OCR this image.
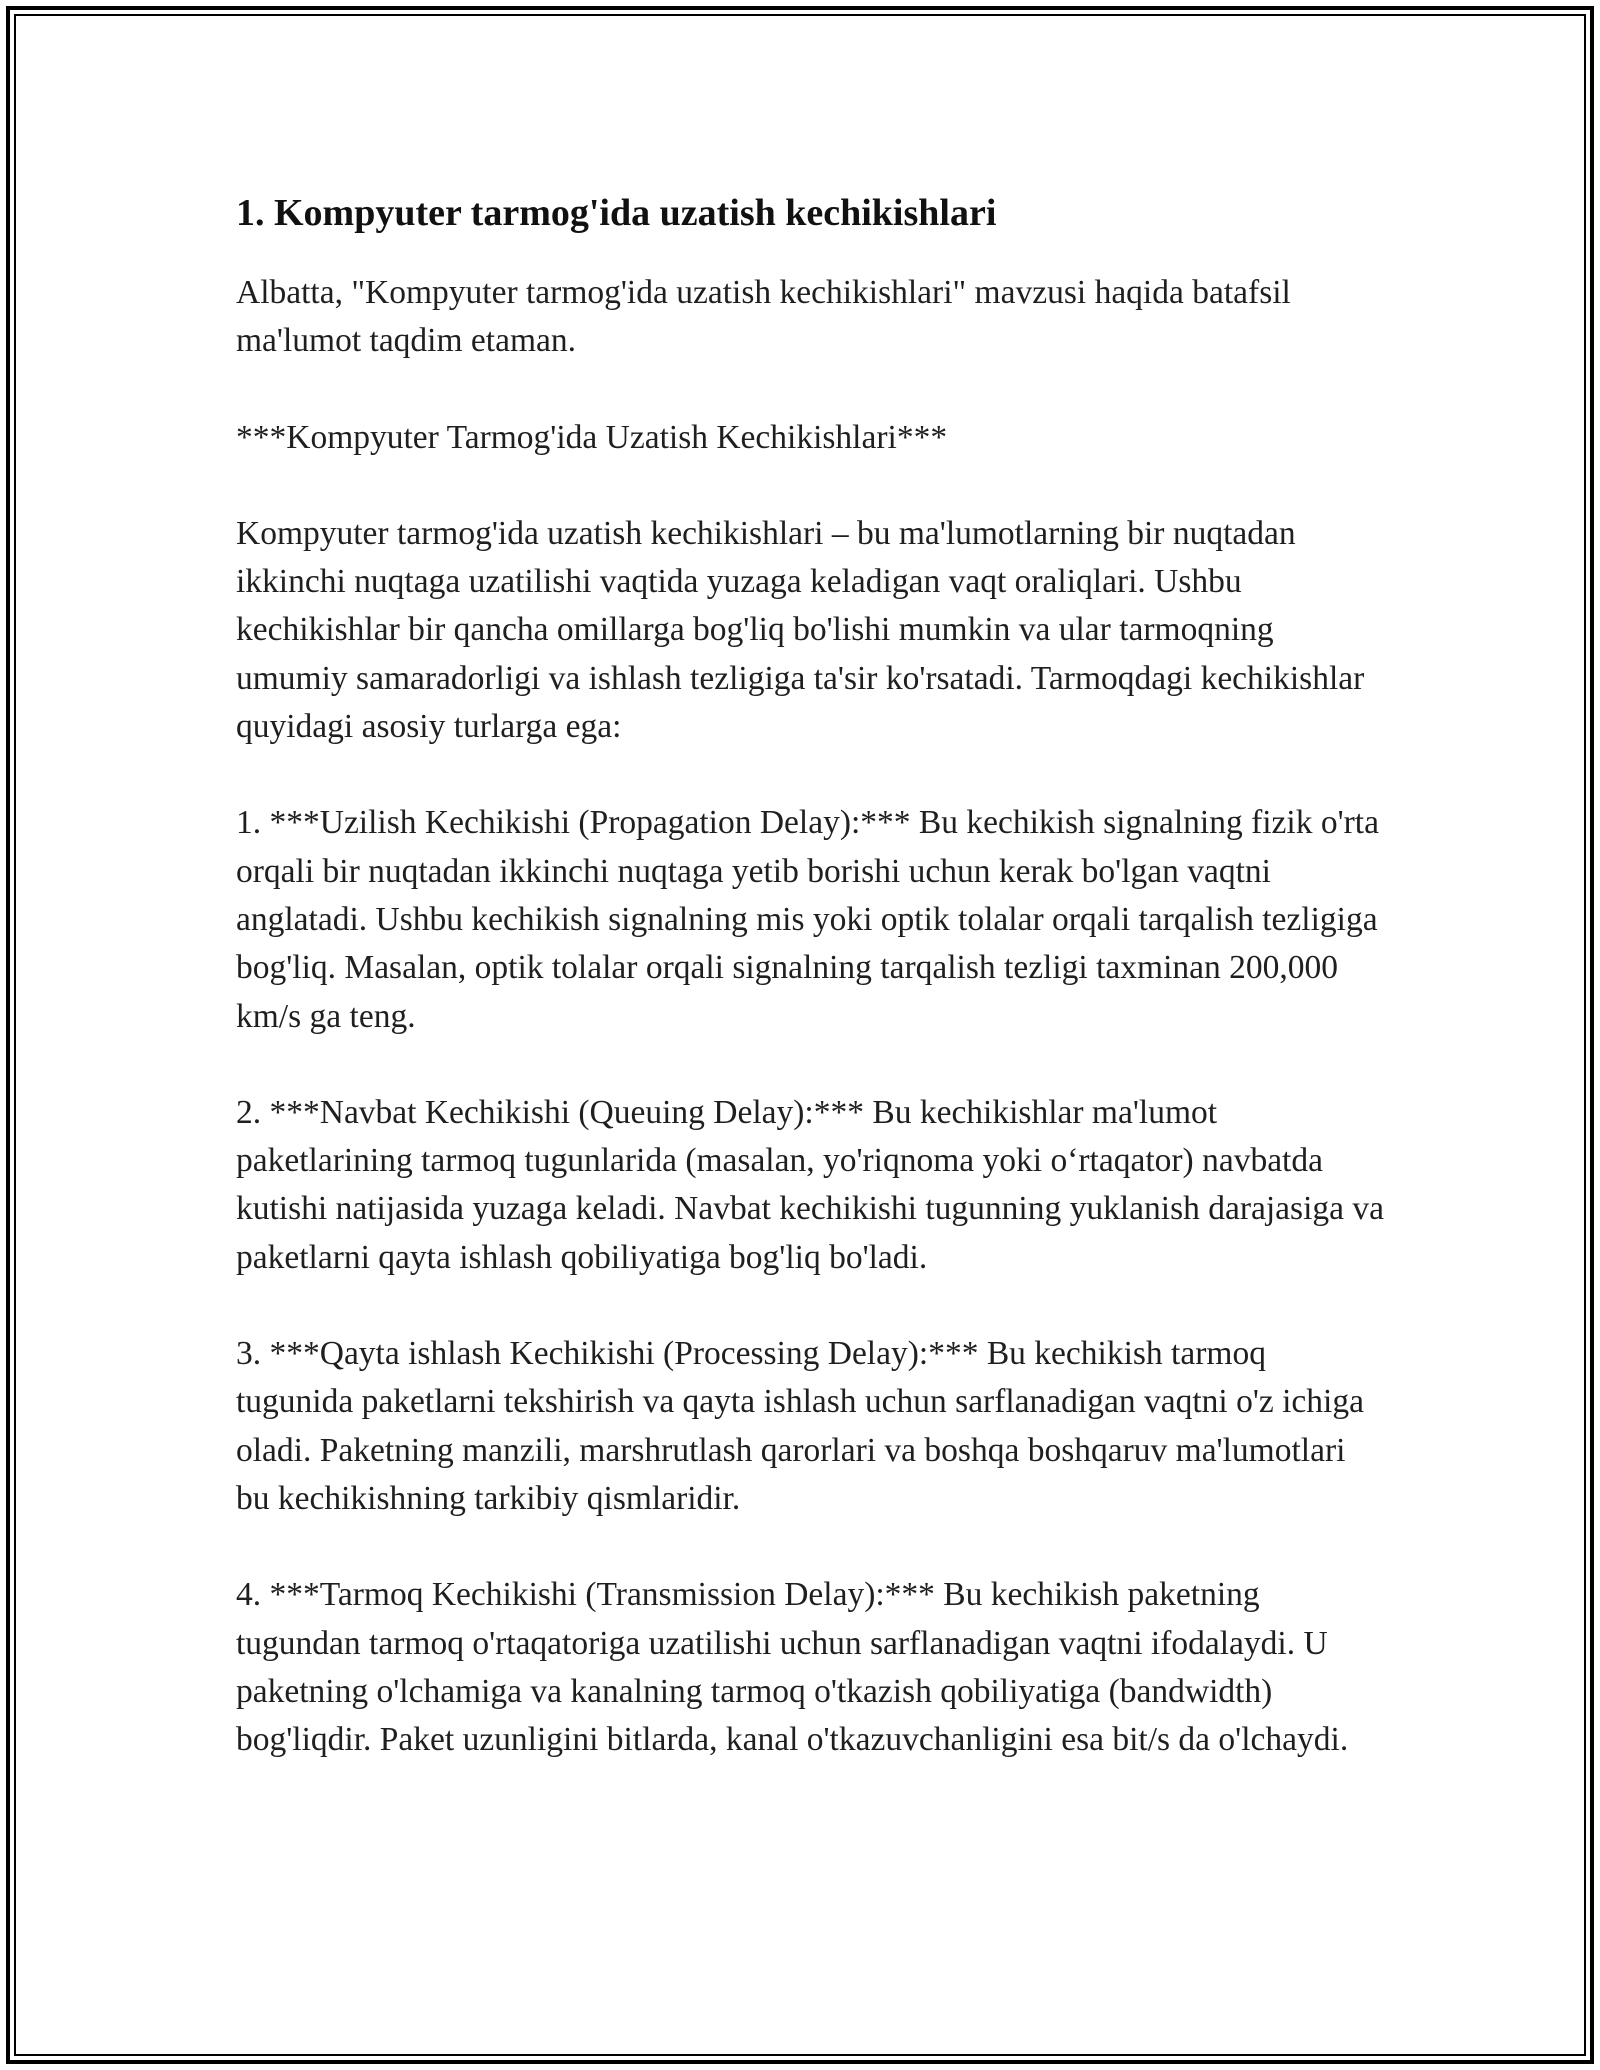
1. Kompyuter tarmog'ida uzatish kechikishlari

Albatta, "Kompyuter tarmog'ida uzatish kechikishlari" mavzusi haqida batafsil ma'lumot taqdim etaman.

***Kompyuter Tarmog'ida Uzatish Kechikishlari***

Kompyuter tarmog'ida uzatish kechikishlari – bu ma'lumotlarning bir nuqtadan ikkinchi nuqtaga uzatilishi vaqtida yuzaga keladigan vaqt oraliqlari. Ushbu kechikishlar bir qancha omillarga bog'liq bo'lishi mumkin va ular tarmoqning umumiy samaradorligi va ishlash tezligiga ta'sir ko'rsatadi. Tarmoqdagi kechikishlar quyidagi asosiy turlarga ega:

1. ***Uzilish Kechikishi (Propagation Delay):*** Bu kechikish signalning fizik o'rta orqali bir nuqtadan ikkinchi nuqtaga yetib borishi uchun kerak bo'lgan vaqtni anglatadi. Ushbu kechikish signalning mis yoki optik tolalar orqali tarqalish tezligiga bog'liq. Masalan, optik tolalar orqali signalning tarqalish tezligi taxminan 200,000 km/s ga teng.

2. ***Navbat Kechikishi (Queuing Delay):*** Bu kechikishlar ma'lumot paketlarining tarmoq tugunlarida (masalan, yo'riqnoma yoki o‘rtaqator) navbatda kutishi natijasida yuzaga keladi. Navbat kechikishi tugunning yuklanish darajasiga va paketlarni qayta ishlash qobiliyatiga bog'liq bo'ladi.

3. ***Qayta ishlash Kechikishi (Processing Delay):*** Bu kechikish tarmoq tugunida paketlarni tekshirish va qayta ishlash uchun sarflanadigan vaqtni o'z ichiga oladi. Paketning manzili, marshrutlash qarorlari va boshqa boshqaruv ma'lumotlari bu kechikishning tarkibiy qismlaridir.

4. ***Tarmoq Kechikishi (Transmission Delay):*** Bu kechikish paketning tugundan tarmoq o'rtaqatoriga uzatilishi uchun sarflanadigan vaqtni ifodalaydi. U paketning o'lchamiga va kanalning tarmoq o'tkazish qobiliyatiga (bandwidth) bog'liqdir. Paket uzunligini bitlarda, kanal o'tkazuvchanligini esa bit/s da o'lchaydi.
